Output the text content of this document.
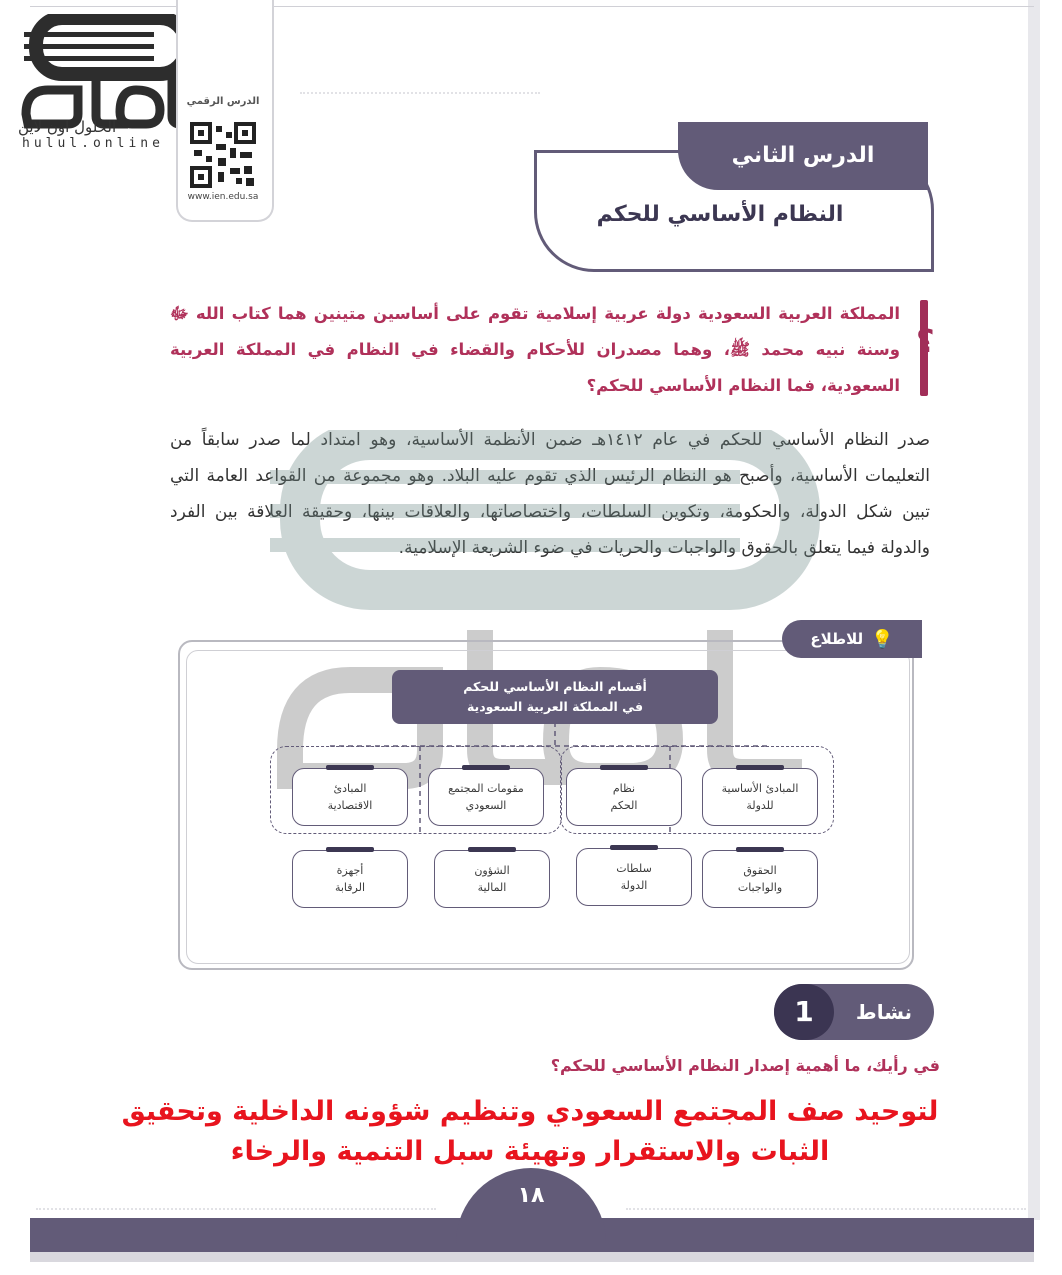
الحلول اون لاين
hulul.online
الدرس الرقمي
www.ien.edu.sa
الدرس الثاني
النظام الأساسي للحكم
؟
المملكة العربية السعودية دولة عربية إسلامية تقوم على أساسين متينين هما كتاب الله ﷻ وسنة نبيه محمد ﷺ، وهما مصدران للأحكام والقضاء في النظام في المملكة العربية السعودية، فما النظام الأساسي للحكم؟
صدر النظام الأساسي للحكم في عام ١٤١٢هـ ضمن الأنظمة الأساسية، وهو امتداد لما صدر سابقاً من التعليمات الأساسية، وأصبح هو النظام الرئيس الذي تقوم عليه البلاد. وهو مجموعة من القواعد العامة التي تبين شكل الدولة، والحكومة، وتكوين السلطات، واختصاصاتها، والعلاقات بينها، وحقيقة العلاقة بين الفرد والدولة فيما يتعلق بالحقوق والواجبات والحريات في ضوء الشريعة الإسلامية.
💡
للاطلاع
أقسام النظام الأساسي للحكم
في المملكة العربية السعودية
المبادئ الأساسية
للدولة
نظام
الحكم
مقومات المجتمع
السعودي
المبادئ
الاقتصادية
الحقوق
والواجبات
سلطات
الدولة
الشؤون
المالية
أجهزة
الرقابة
1	نشاط
في رأيك، ما أهمية إصدار النظام الأساسي للحكم؟
لتوحيد صف المجتمع السعودي وتنظيم شؤونه الداخلية وتحقيق
الثبات والاستقرار وتهيئة سبل التنمية والرخاء
١٨
